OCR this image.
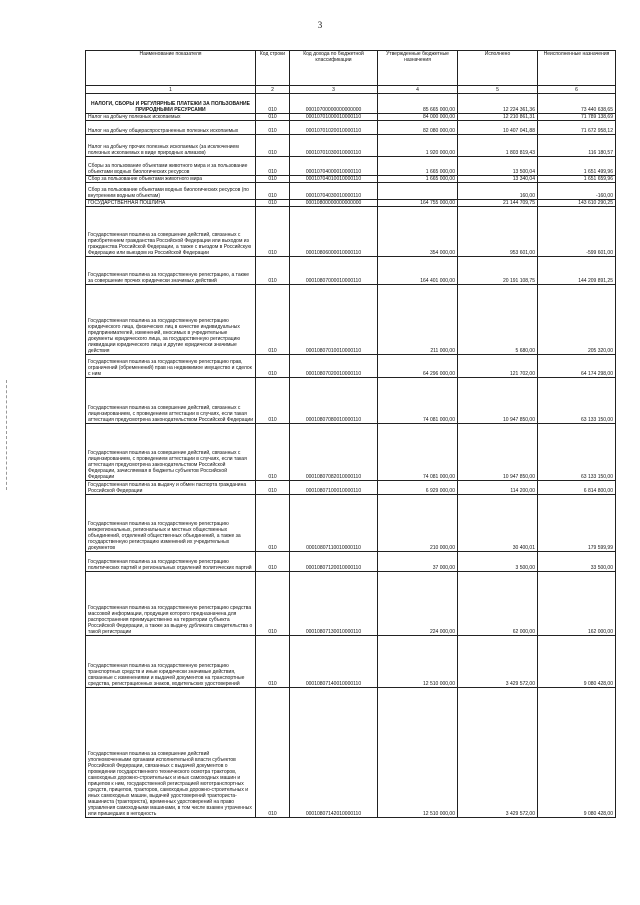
3
Наименование показателя	Код строки	Код дохода по бюджетной классификации	Утвержденные бюджетные назначения	Исполнено	Неисполненные назначения
1	2	3	4	5	6
НАЛОГИ, СБОРЫ И РЕГУЛЯРНЫЕ ПЛАТЕЖИ ЗА ПОЛЬЗОВАНИЕ ПРИРОДНЫМИ РЕСУРСАМИ	010	00010700000000000000	85 665 000,00	12 224 361,36	73 440 638,65
Налог на добычу полезных ископаемых	010	00010701000010000110	84 000 000,00	12 210 861,31	71 789 138,69
Налог на добычу общераспространенных полезных ископаемых	010	00010701020010000110	82 080 000,00	10 407 041,88	71 672 958,12
Налог на добычу прочих полезных ископаемых (за исключением полезных ископаемых в виде природных алмазов)	010	00010701030010000110	1 920 000,00	1 803 819,43	116 180,57
Сборы за пользование объектами животного мира и за пользование объектами водных биологических ресурсов	010	00010704000010000110	1 665 000,00	13 500,04	1 651 499,96
Сбор за пользование объектами животного мира	010	00010704010010000110	1 665 000,00	13 340,04	1 651 659,96
Сбор за пользование объектами водных биологических ресурсов (по внутренним водным объектам)	010	00010704030010000110		160,00	-160,00
ГОСУДАРСТВЕННАЯ ПОШЛИНА	010	00010800000000000000	164 755 000,00	21 144 709,75	143 610 290,25
Государственная пошлина за совершение действий, связанных с приобретением гражданства Российской Федерации или выходом из гражданства Российской Федерации, а также с въездом в Российскую Федерацию или выездом из Российской Федерации	010	00010806000010000110	354 000,00	953 601,00	-599 601,00
Государственная пошлина за государственную регистрацию, а также за совершение прочих юридически значимых действий	010	00010807000010000110	164 401 000,00	20 191 108,75	144 209 891,25
Государственная пошлина за государственную регистрацию юридического лица, физических лиц в качестве индивидуальных предпринимателей, изменений, вносимых в учредительные документы юридического лица, за государственную регистрацию ликвидации юридического лица и другие юридически значимые действия	010	00010807010010000110	211 000,00	5 680,00	205 320,00
Государственная пошлина за государственную регистрацию прав, ограничений (обременений) прав на недвижимое имущество и сделок с ним	010	00010807020010000110	64 296 000,00	121 702,00	64 174 298,00
Государственная пошлина за совершение действий, связанных с лицензированием, с проведением аттестации в случаях, если такая аттестация предусмотрена законодательством Российской Федерации	010	00010807080010000110	74 081 000,00	10 947 850,00	63 133 150,00
Государственная пошлина за совершение действий, связанных с лицензированием, с проведением аттестации в случаях, если такая аттестация предусмотрена законодательством Российской Федерации, зачисляемая в бюджеты субъектов Российской Федерации	010	00010807082010000110	74 081 000,00	10 947 850,00	63 133 150,00
Государственная пошлина за выдачу и обмен паспорта гражданина Российской Федерации	010	00010807100010000110	6 929 000,00	114 200,00	6 814 800,00
Государственная пошлина за государственную регистрацию межрегиональных, региональных и местных общественных объединений, отделений общественных объединений, а также за государственную регистрацию изменений их учредительных документов	010	00010807110010000110	210 000,00	30 400,01	179 599,99
Государственная пошлина за государственную регистрацию политических партий и региональных отделений политических партий	010	00010807120010000110	37 000,00	3 500,00	33 500,00
Государственная пошлина за государственную регистрацию средства массовой информации, продукция которого предназначена для распространения преимущественно на территории субъекта Российской Федерации, а также за выдачу дубликата свидетельства о такой регистрации	010	00010807130010000110	224 000,00	62 000,00	162 000,00
Государственная пошлина за государственную регистрацию транспортных средств и иные юридически значимые действия, связанные с изменениями и выдачей документов на транспортные средства, регистрационных знаков, водительских удостоверений	010	00010807140010000110	12 510 000,00	3 429 572,00	9 080 428,00
Государственная пошлина за совершение действий уполномоченными органами исполнительной власти субъектов Российской Федерации, связанных с выдачей документов о проведении государственного технического осмотра тракторов, самоходных дорожно-строительных и иных самоходных машин и прицепов к ним, государственной регистрацией мототранспортных средств, прицепов, тракторов, самоходных дорожно-строительных и иных самоходных машин, выдачей удостоверений тракториста-машиниста (тракториста), временных удостоверений на право управления самоходными машинами, в том числе взамен утраченных или пришедших в негодность	010	00010807142010000110	12 510 000,00	3 429 572,00	9 080 428,00
